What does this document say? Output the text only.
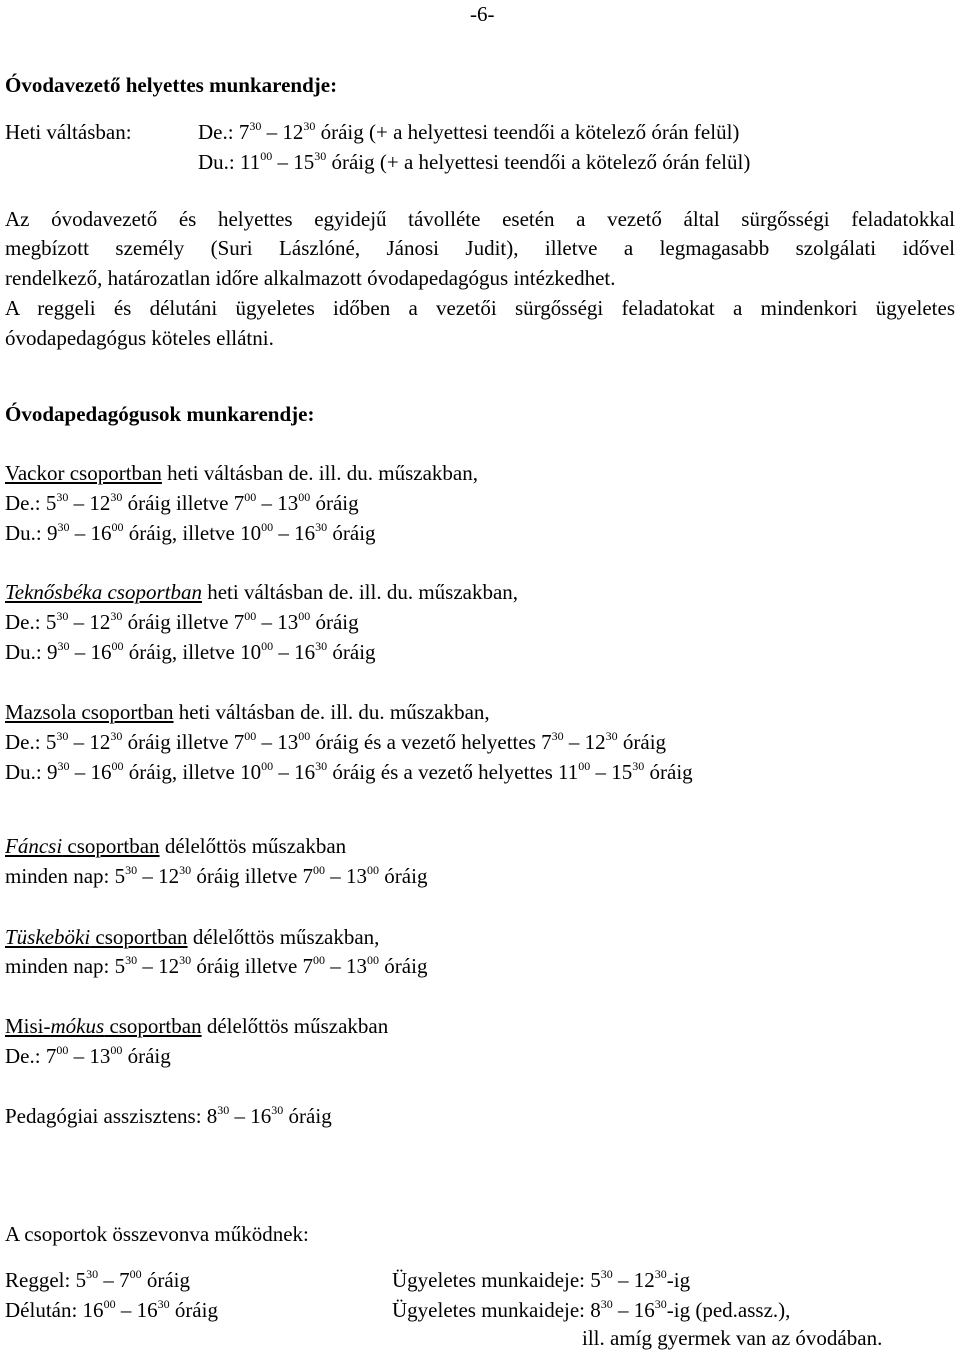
-6-
Óvodavezető helyettes munkarendje:
Heti váltásban:	De.: $7^{30} - 12^{30}$ óráig (+ a helyettesi teendői a kötelező órán felül)
Du.: $11^{00} - 15^{30}$ óráig (+ a helyettesi teendői a kötelező órán felül)
Az óvodavezető és helyettes egyidejű távolléte esetén a vezető által sürgősségi feladatokkal
megbízott személy (Suri Lászlóné, Jánosi Judit), illetve a legmagasabb szolgálati idővel
rendelkező, határozatlan időre alkalmazott óvodapedagógus intézkedhet.
A reggeli és délutáni ügyeletes időben a vezetői sürgősségi feladatokat a mindenkori ügyeletes
óvodapedagógus köteles ellátni.
Óvodapedagógusok munkarendje:
Vackor csoportban heti váltásban de. ill. du. műszakban,
De.: $5^{30} - 12^{30}$ óráig illetve $7^{00} - 13^{00}$ óráig
Du.: $9^{30} - 16^{00}$ óráig, illetve $10^{00} - 16^{30}$ óráig
Teknősbéka csoportban heti váltásban de. ill. du. műszakban,
De.: $5^{30} - 12^{30}$ óráig illetve $7^{00} - 13^{00}$ óráig
Du.: $9^{30} - 16^{00}$ óráig, illetve $10^{00} - 16^{30}$ óráig
Mazsola csoportban heti váltásban de. ill. du. műszakban,
De.: $5^{30} - 12^{30}$ óráig illetve $7^{00} - 13^{00}$ óráig és a vezető helyettes $7^{30} - 12^{30}$ óráig
Du.: $9^{30} - 16^{00}$ óráig, illetve $10^{00} - 16^{30}$ óráig és a vezető helyettes $11^{00} - 15^{30}$ óráig
Fáncsi csoportban délelőttös műszakban
minden nap: $5^{30} - 12^{30}$ óráig illetve $7^{00} - 13^{00}$ óráig
Tüskeböki csoportban délelőttös műszakban,
minden nap: $5^{30} - 12^{30}$ óráig illetve $7^{00} - 13^{00}$ óráig
Misi-mókus csoportban délelőttös műszakban
De.: $7^{00} - 13^{00}$ óráig
Pedagógiai asszisztens: $8^{30} - 16^{30}$ óráig
A csoportok összevonva működnek:
Reggel: $5^{30} - 7^{00}$ óráig
Délután: $16^{00} - 16^{30}$ óráig
Ügyeletes munkaideje: $5^{30} - 12^{30}-ig$
Ügyeletes munkaideje: $8^{30} - 16^{30}-ig$ (ped.assz.),
ill. amíg gyermek van az óvodában.
